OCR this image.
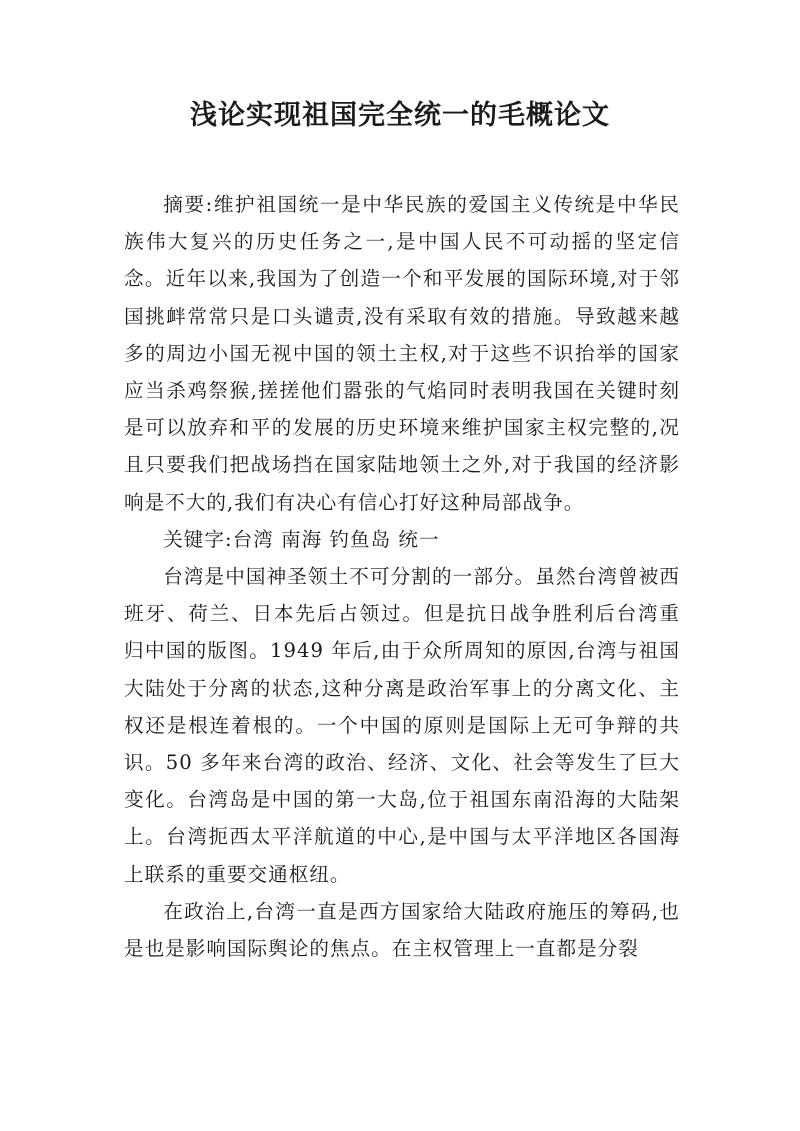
浅论实现祖国完全统一的毛概论文

摘要:维护祖国统一是中华民族的爱国主义传统是中华民族伟大复兴的历史任务之一,是中国人民不可动摇的坚定信念。近年以来,我国为了创造一个和平发展的国际环境,对于邻国挑衅常常只是口头谴责,没有采取有效的措施。导致越来越多的周边小国无视中国的领土主权,对于这些不识抬举的国家应当杀鸡祭猴,搓搓他们嚣张的气焰同时表明我国在关键时刻是可以放弃和平的发展的历史环境来维护国家主权完整的,况且只要我们把战场挡在国家陆地领土之外,对于我国的经济影响是不大的,我们有决心有信心打好这种局部战争。

关键字:台湾 南海 钓鱼岛 统一

台湾是中国神圣领土不可分割的一部分。虽然台湾曾被西班牙、荷兰、日本先后占领过。但是抗日战争胜利后台湾重归中国的版图。1949 年后,由于众所周知的原因,台湾与祖国大陆处于分离的状态,这种分离是政治军事上的分离文化、主权还是根连着根的。一个中国的原则是国际上无可争辩的共识。50 多年来台湾的政治、经济、文化、社会等发生了巨大变化。台湾岛是中国的第一大岛,位于祖国东南沿海的大陆架上。台湾扼西太平洋航道的中心,是中国与太平洋地区各国海上联系的重要交通枢纽。

在政治上,台湾一直是西方国家给大陆政府施压的筹码,也是也是影响国际舆论的焦点。在主权管理上一直都是分裂
